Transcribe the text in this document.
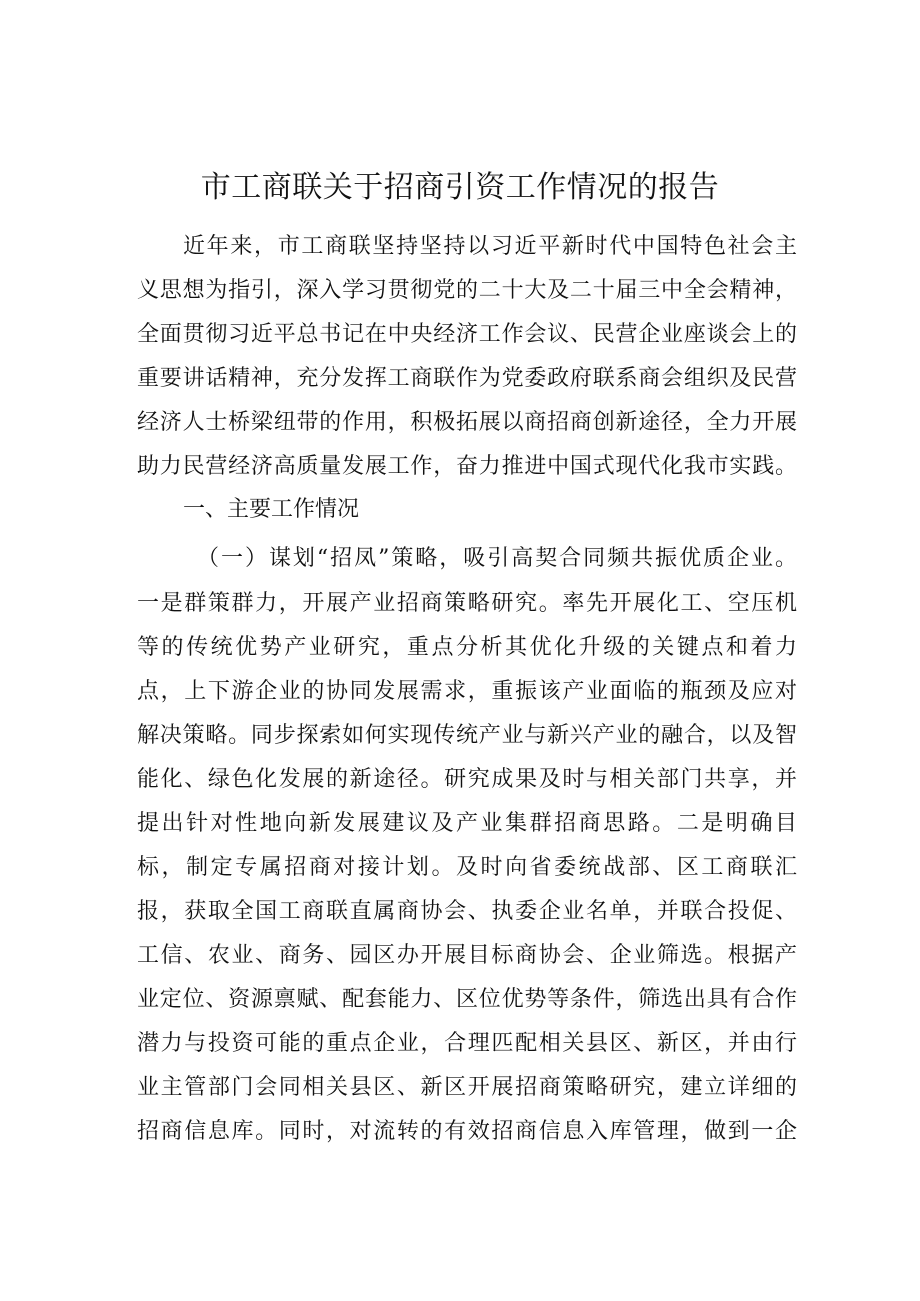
市工商联关于招商引资工作情况的报告
近年来，市工商联坚持坚持以习近平新时代中国特色社会主
义思想为指引，深入学习贯彻党的二十大及二十届三中全会精神，
全面贯彻习近平总书记在中央经济工作会议、民营企业座谈会上的
重要讲话精神，充分发挥工商联作为党委政府联系商会组织及民营
经济人士桥梁纽带的作用，积极拓展以商招商创新途径，全力开展
助力民营经济高质量发展工作，奋力推进中国式现代化我市实践。
一、主要工作情况
（一）谋划“招凤”策略，吸引高契合同频共振优质企业。
一是群策群力，开展产业招商策略研究。率先开展化工、空压机
等的传统优势产业研究，重点分析其优化升级的关键点和着力
点，上下游企业的协同发展需求，重振该产业面临的瓶颈及应对
解决策略。同步探索如何实现传统产业与新兴产业的融合，以及智
能化、绿色化发展的新途径。研究成果及时与相关部门共享，并
提出针对性地向新发展建议及产业集群招商思路。二是明确目
标，制定专属招商对接计划。及时向省委统战部、区工商联汇
报，获取全国工商联直属商协会、执委企业名单，并联合投促、
工信、农业、商务、园区办开展目标商协会、企业筛选。根据产
业定位、资源禀赋、配套能力、区位优势等条件，筛选出具有合作
潜力与投资可能的重点企业，合理匹配相关县区、新区，并由行
业主管部门会同相关县区、新区开展招商策略研究，建立详细的
招商信息库。同时，对流转的有效招商信息入库管理，做到一企
